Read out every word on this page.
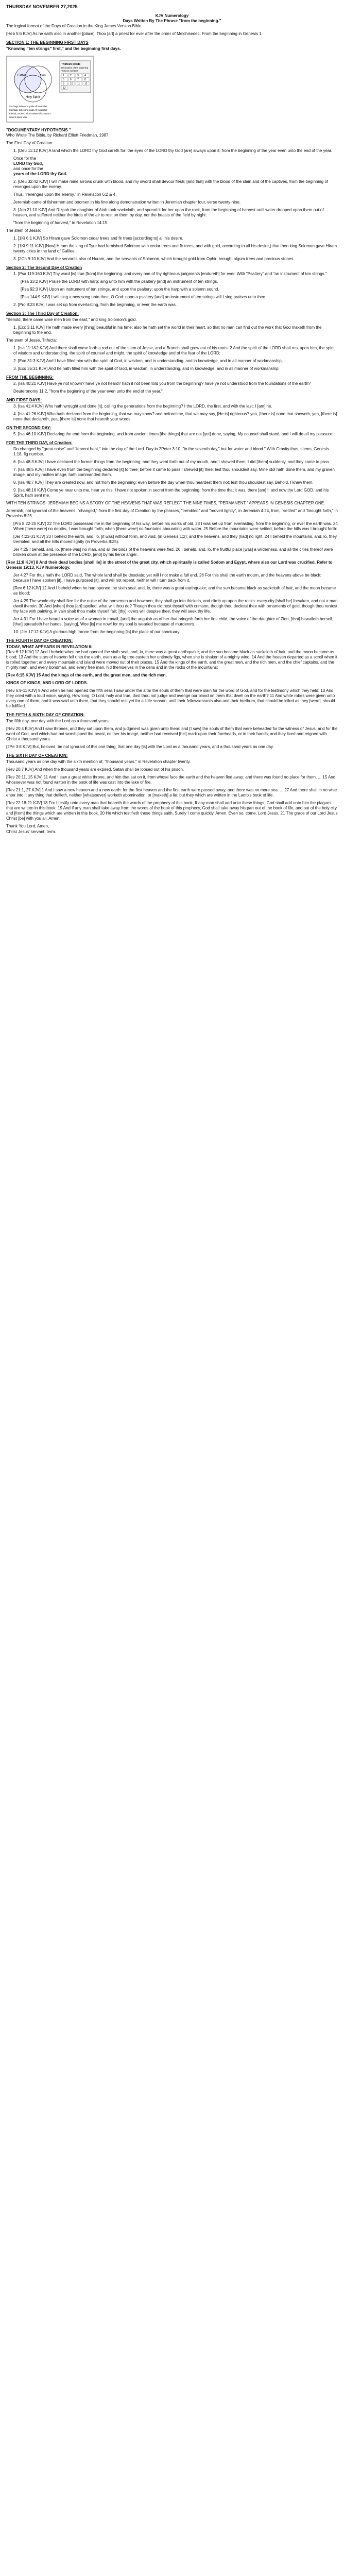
THURSDAY NOVEMBER 27,2025
KJV Numerology
Days Written By The Phrase "from the beginning."

The logical format of the Days of Creation in the King James Version Bible.

[Heb 5:6 KJV] As he saith also in another [place], Thou [art] a priest for ever after the order of Melchisedec. From the beginning in Genesis 1.

SECTION 1: THE BEGINNING FIRST DAYS
"Knowing "ten strings" first," and the beginning first days.
Father	Son
Holy Spirit
Thirteen words
Declaration of the beginning
Thirteen numbers
1 2 3 4
5 6 7 8
9 10 11 12
13
Suchtage la beyond guide All Kwaddlas
Suchtage la beyond guide All Kwaddlas
Eternal, Ancient, 3 for 0 Wheel of Creation 7
Word & Word Year
"DOCUMENTARY HYPOTHESIS "

Who Wrote The Bible, by Richard Elliott Friedman, 1987.

The First Day of Creation:

1. [Deu 11:12 KJV] A land which the LORD thy God careth for: the eyes of the LORD thy God [are] always upon it, from the beginning of the year even unto the end of the year.

Once for the
LORD thy God,
and once for the

years of the LORD thy God.

2. [Deu 32:42 KJV] I will make mine arrows drunk with blood, and my sword shall devour flesh; [and that] with the blood of the slain and of the captives, from the beginning of revenges upon the enemy.

Thus, "revenges upon the enemy," in Revelation 6:2 & 4.

Jeremiah came of fishermen and boomen in his line along demonstration written in Jeremiah chapter four, verse twenty-nine.

3. [Job 21:10 KJV] And Rizpah the daughter of Aiah took sackcloth, and spread it for her upon the rock, from the beginning of harvest until water dropped upon them out of heaven, and suffered neither the birds of the air to rest on them by day, nor the beasts of the field by night.

"from the beginning of harvest," in Revelation 14:15.

The stem of Jesse:

1. [1Ki 6:1 KJV] So Hiram gave Solomon cedar trees and fir trees [according to] all his desire.

2. [1Ki 9:11 KJV] [Now] Hiram the king of Tyre had furnished Solomon with cedar trees and fir trees, and with gold, according to all his desire,) that then king Solomon gave Hiram twenty cities in the land of Galilee.

3. [2Ch 9:10 KJV] And the servants also of Huram, and the servants of Solomon, which brought gold from Ophir, brought algum trees and precious stones.

Section 2: The Second Day of Creation

1. [Psa 119:160 KJV] Thy word [is] true [from] the beginning: and every one of thy righteous judgments [endureth] for ever. With "Psaltery" and "an instrument of ten strings."

[Psa 33:2 KJV] Praise the LORD with harp: sing unto him with the psaltery [and] an instrument of ten strings.

[Psa 92:3 KJV] Upon an instrument of ten strings, and upon the psaltery; upon the harp with a solemn sound.

[Psa 144:9 KJV] I will sing a new song unto thee, O God: upon a psaltery [and] an instrument of ten strings will I sing praises unto thee.

2. [Pro 8:23 KJV] I was set up from everlasting, from the beginning, or ever the earth was.

Section 3: The Third Day of Creation:

"Behold, there came wise men from the east," and king Solomon's gold.

1. [Ecc 3:11 KJV] He hath made every [thing] beautiful in his time: also he hath set the world in their heart, so that no man can find out the work that God maketh from the beginning to the end.

The stem of Jesse, Trifecta:

1. [Isa 11:1&2 KJV] And there shall come forth a rod out of the stem of Jesse, and a Branch shall grow out of his roots: 2 And the spirit of the LORD shall rest upon him, the spirit of wisdom and understanding, the spirit of counsel and might, the spirit of knowledge and of the fear of the LORD;

2. [Exo 31:3 KJV] And I have filled him with the spirit of God, in wisdom, and in understanding, and in knowledge, and in all manner of workmanship,

3. [Exo 35:31 KJV] And he hath filled him with the spirit of God, in wisdom, in understanding, and in knowledge, and in all manner of workmanship;

FROM THE BEGINNING:

2. [Isa 40:21 KJV] Have ye not known? have ye not heard? hath it not been told you from the beginning? have ye not understood from the foundations of the earth?

Deuteronomy 11:2, "from the beginning of the year even unto the end of the year."

AND FIRST DAYS:

3. [Isa 41:4 KJV] Who hath wrought and done [it], calling the generations from the beginning? I the LORD, the first, and with the last; I [am] he.

4. [Isa 41:26 KJV] Who hath declared from the beginning, that we may know? and beforetime, that we may say, [He is] righteous? yea, [there is] none that sheweth, yea, [there is] none that declareth, yea, [there is] none that heareth your words.

ON THE SECOND DAY:

5. [Isa 46:10 KJV] Declaring the end from the beginning, and from ancient times [the things] that are not [yet] done, saying, My counsel shall stand, and I will do all my pleasure:

FOR THE THIRD DAY, of Creation:

Do changed by "great noise" and "fervent heat," into the day of the Lord. Day in 2Peter 3:10. "in the seventh day," but for water and blood." With Gravity thus, stems, Genesis 1:18, fig number.

6. [Isa 48:3 KJV] I have declared the former things from the beginning; and they went forth out of my mouth, and I shewed them; I did [them] suddenly, and they came to pass.

7. [Isa 48:5 KJV] I have even from the beginning declared [it] to thee; before it came to pass I shewed [it] thee: lest thou shouldest say, Mine idol hath done them, and my graven image, and my molten image, hath commanded them.

8. [Isa 48:7 KJV] They are created now, and not from the beginning; even before the day when thou heardest them not; lest thou shouldest say, Behold, I knew them.

9. [Isa 48:16 KJV] Come ye near unto me, hear ye this; I have not spoken in secret from the beginning; from the time that it was, there [am] I: and now the Lord GOD, and his Spirit, hath sent me.

WITH TEN STRINGS: JEREMIAH BEGINS A STORY OF THE HEAVENS THAT WAS REFLECT THE NINE TIMES, "PERMANENT," APPEARS IN GENESIS CHAPTER ONE.

Jeremiah, not ignorant of the heavens, "changed," from the first day of Creation by the phrases, "trembled" and "moved lightly", in Jeremiah 4:24, from, "settled" and "brought forth," in Proverbs 8:25.

[Pro 8:22-25 KJV] 22 The LORD possessed me in the beginning of his way, before his works of old. 23 I was set up from everlasting, from the beginning, or ever the earth was. 24 When [there were] no depths, I was brought forth; when [there were] no fountains abounding with water. 25 Before the mountains were settled, before the hills was I brought forth:

[Jer 4:23-31 KJV] 23 I beheld the earth, and, lo, [it was] without form, and void; (in Genesis 1:2); and the heavens, and they [had] no light. 24 I beheld the mountains, and, lo, they trembled, and all the hills moved lightly (in Proverbs 8:25).

Jer 4:25 I beheld, and, lo, [there was] no man, and all the birds of the heavens were fled. 26 I beheld, and, lo, the fruitful place [was] a wilderness, and all the cities thereof were broken down at the presence of the LORD, [and] by his fierce anger.

[Rev 11:8 KJV] 8 And their dead bodies [shall lie] in the street of the great city, which spiritually is called Sodom and Egypt, where also our Lord was crucified. Refer to Genesis 19:13, KJV Numerology.

Jer 4:27 For thus hath the LORD said, The whole land shall be desolate; yet will I not make a full end. 28 For this shall the earth mourn, and the heavens above be black: because I have spoken [it], I have purposed [it], and will not repent, neither will I turn back from it.

[Rev 6:12 KJV] 12 And I beheld when he had opened the sixth seal, and, lo, there was a great earthquake; and the sun became black as sackcloth of hair, and the moon became as blood;

Jer 4:29 The whole city shall flee for the noise of the horsemen and bowmen; they shall go into thickets, and climb up upon the rocks: every city [shall be] forsaken, and not a man dwell therein. 30 And [when] thou [art] spoiled, what wilt thou do? Though thou clothest thyself with crimson, though thou deckest thee with ornaments of gold, though thou rentest thy face with painting, in vain shalt thou make thyself fair; [thy] lovers will despise thee, they will seek thy life.

Jer 4:31 For I have heard a voice as of a woman in travail, [and] the anguish as of her that bringeth forth her first child, the voice of the daughter of Zion, [that] bewaileth herself, [that] spreadeth her hands, [saying], Woe [is] me now! for my soul is wearied because of murderers.

10. [Jer 17:12 KJV] A glorious high throne from the beginning [is] the place of our sanctuary.

THE FOURTH DAY OF CREATION:
TODAY, WHAT APPEARS IN REVELATION 6:

[Rev 6:12 KJV] 12 And I beheld when he had opened the sixth seal, and, lo, there was a great earthquake; and the sun became black as sackcloth of hair, and the moon became as blood; 13 And the stars of heaven fell unto the earth, even as a fig tree casteth her untimely figs, when she is shaken of a mighty wind. 14 And the heaven departed as a scroll when it is rolled together; and every mountain and island were moved out of their places. 15 And the kings of the earth, and the great men, and the rich men, and the chief captains, and the mighty men, and every bondman, and every free man, hid themselves in the dens and in the rocks of the mountains;

[Rev 6:15 KJV] 15 And the kings of the earth, and the great men, and the rich men,

KINGS OF KINGS, AND LORD OF LORDS.

[Rev 6:9-11 KJV] 9 And when he had opened the fifth seal, I saw under the altar the souls of them that were slain for the word of God, and for the testimony which they held: 10 And they cried with a loud voice, saying, How long, O Lord, holy and true, dost thou not judge and avenge our blood on them that dwell on the earth? 11 And white robes were given unto every one of them; and it was said unto them, that they should rest yet for a little season, until their fellowservants also and their brethren, that should be killed as they [were], should be fulfilled.

THE FIFTH & SIXTH DAY OF CREATION:

The fifth day, one day with the Lord as a thousand years.

[Rev 20:4 KJV] And I saw thrones, and they sat upon them, and judgment was given unto them: and [I saw] the souls of them that were beheaded for the witness of Jesus, and for the word of God, and which had not worshipped the beast, neither his image, neither had received [his] mark upon their foreheads, or in their hands; and they lived and reigned with Christ a thousand years.

[2Pe 3:8 KJV] But, beloved, be not ignorant of this one thing, that one day [is] with the Lord as a thousand years, and a thousand years as one day.

THE SIXTH DAY OF CREATION:

Thousand years as one day with the sixth mention of, "thousand years," in Revelation chapter twenty.

[Rev 20:7 KJV] And when the thousand years are expired, Satan shall be loosed out of his prison,

[Rev 20:11, 15 KJV] 11 And I saw a great white throne, and him that sat on it, from whose face the earth and the heaven fled away; and there was found no place for them. ... 15 And whosoever was not found written in the book of life was cast into the lake of fire.

[Rev 21:1, 27 KJV] 1 And I saw a new heaven and a new earth: for the first heaven and the first earth were passed away; and there was no more sea. ... 27 And there shall in no wise enter into it any thing that defileth, neither [whatsoever] worketh abomination, or [maketh] a lie: but they which are written in the Lamb's book of life.

[Rev 22:18-21 KJV] 18 For I testify unto every man that heareth the words of the prophecy of this book, If any man shall add unto these things, God shall add unto him the plagues that are written in this book: 19 And if any man shall take away from the words of the book of this prophecy, God shall take away his part out of the book of life, and out of the holy city, and [from] the things which are written in this book. 20 He which testifieth these things saith, Surely I come quickly. Amen. Even so, come, Lord Jesus. 21 The grace of our Lord Jesus Christ [be] with you all. Amen.

Thank You Lord, Amen,

Christ Jesus' servant, term.
